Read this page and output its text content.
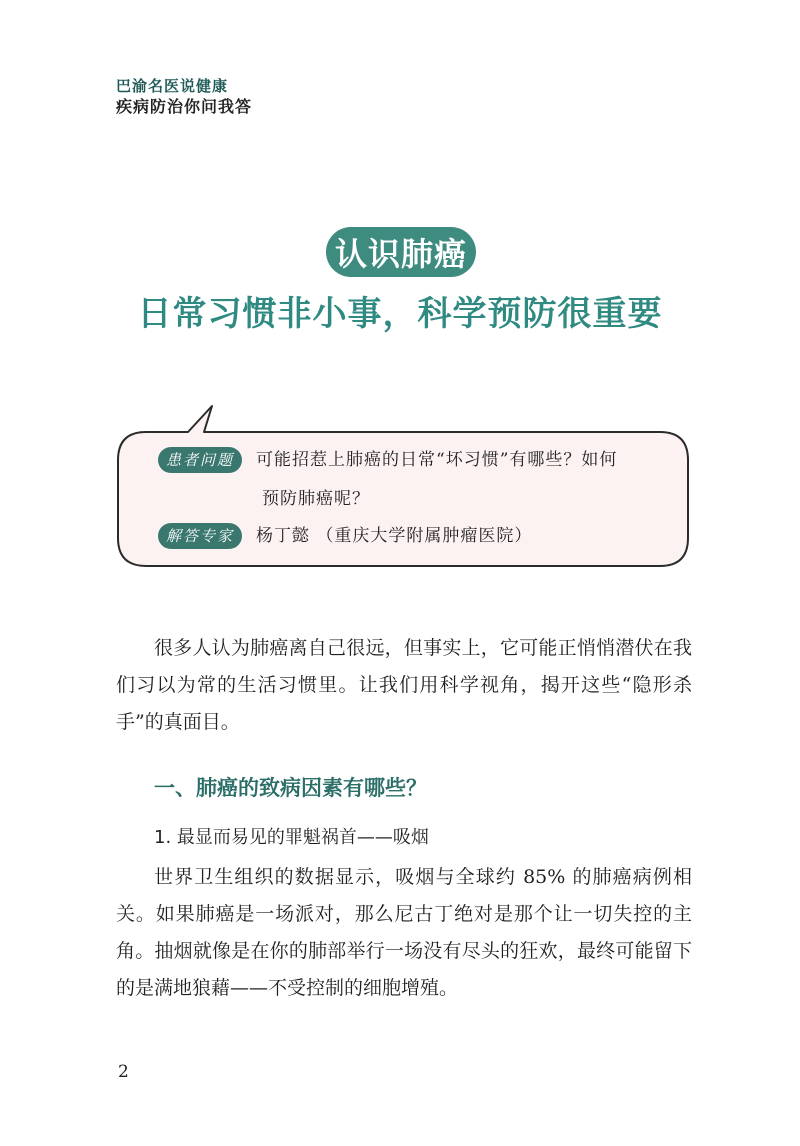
巴渝名医说健康
疾病防治你问我答
认识肺癌
日常习惯非小事，科学预防很重要
患者问题	可能招惹上肺癌的日常“坏习惯”有哪些？如何
预防肺癌呢？
解答专家	杨丁懿 （重庆大学附属肿瘤医院）

很多人认为肺癌离自己很远，但事实上，它可能正悄悄潜伏在我们习以为常的生活习惯里。让我们用科学视角，揭开这些“隐形杀手”的真面目。

一、肺癌的致病因素有哪些？
1. 最显而易见的罪魁祸首——吸烟

世界卫生组织的数据显示，吸烟与全球约 85% 的肺癌病例相关。如果肺癌是一场派对，那么尼古丁绝对是那个让一切失控的主角。抽烟就像是在你的肺部举行一场没有尽头的狂欢，最终可能留下的是满地狼藉——不受控制的细胞增殖。

2
